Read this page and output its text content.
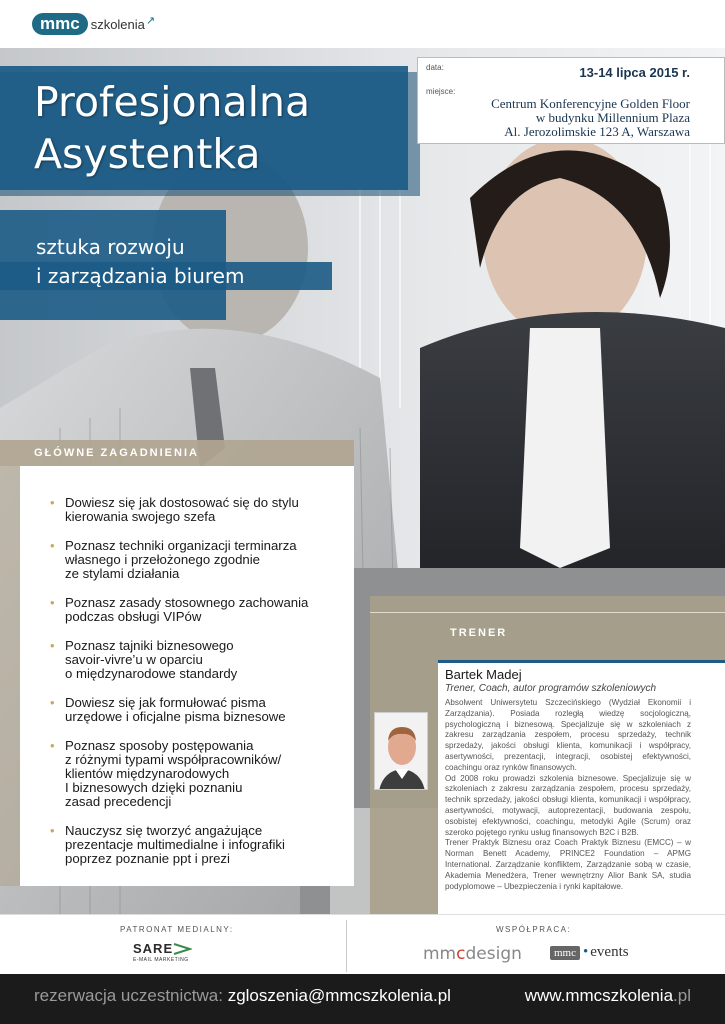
mmc szkolenia ↗
Profesjonalna
Asystentka
sztuka rozwoju
i zarządzania biurem
data:	13-14 lipca 2015 r.
miejsce:
Centrum Konferencyjne Golden Floor
w budynku Millennium Plaza
Al. Jerozolimskie 123 A, Warszawa
GŁÓWNE ZAGADNIENIA
• Dowiesz się jak dostosować się do stylu
kierowania swojego szefa
• Poznasz techniki organizacji terminarza
własnego i przełożonego zgodnie
ze stylami działania
• Poznasz zasady stosownego zachowania
podczas obsługi VIPów
• Poznasz tajniki biznesowego
savoir-vivre’u w oparciu
o międzynarodowe standardy
• Dowiesz się jak formułować pisma
urzędowe i oficjalne pisma biznesowe
• Poznasz sposoby postępowania
z różnymi typami współpracowników/
klientów międzynarodowych
I biznesowych dzięki poznaniu
zasad precedencji
• Nauczysz się tworzyć angażujące
prezentacje multimedialne i infografiki
poprzez poznanie ppt i prezi
TRENER
Bartek Madej
Trener, Coach, autor programów szkoleniowych
Absolwent Uniwersytetu Szczecińskiego (Wydział Ekonomii i Zarządzania). Posiada rozległą wiedzę socjologiczną, psychologiczną i biznesową. Specjalizuje się w szkoleniach z zakresu zarządzania zespołem, procesu sprzedaży, technik sprzedaży, jakości obsługi klienta, komunikacji i współpracy, asertywności, prezentacji, integracji, osobistej efektywności, coachingu oraz rynków finansowych.
Od 2008 roku prowadzi szkolenia biznesowe. Specjalizuje się w szkoleniach z zakresu zarządzania zespołem, procesu sprzedaży, technik sprzedaży, jakości obsługi klienta, komunikacji i współpracy, asertywności, motywacji, autoprezentacji, budowania zespołu, osobistej efektywności, coachingu, metodyki Agile (Scrum) oraz szeroko pojętego rynku usług finansowych B2C i B2B.
Trener Praktyk Biznesu oraz Coach Praktyk Biznesu (EMCC) – w Norman Benett Academy, PRINCE2 Foundation – APMG International. Zarządzanie konfliktem, Zarządzanie sobą w czasie, Akademia Menedżera, Trener wewnętrzny Alior Bank SA, studia podyplomowe – Ubezpieczenia i rynki kapitałowe.
PATRONAT MEDIALNY:
SARE
E-MAIL MARKETING
WSPÓŁPRACA:
mmcdesign	mmc • events
rezerwacja uczestnictwa: zgloszenia@mmcszkolenia.pl	www.mmcszkolenia.pl
